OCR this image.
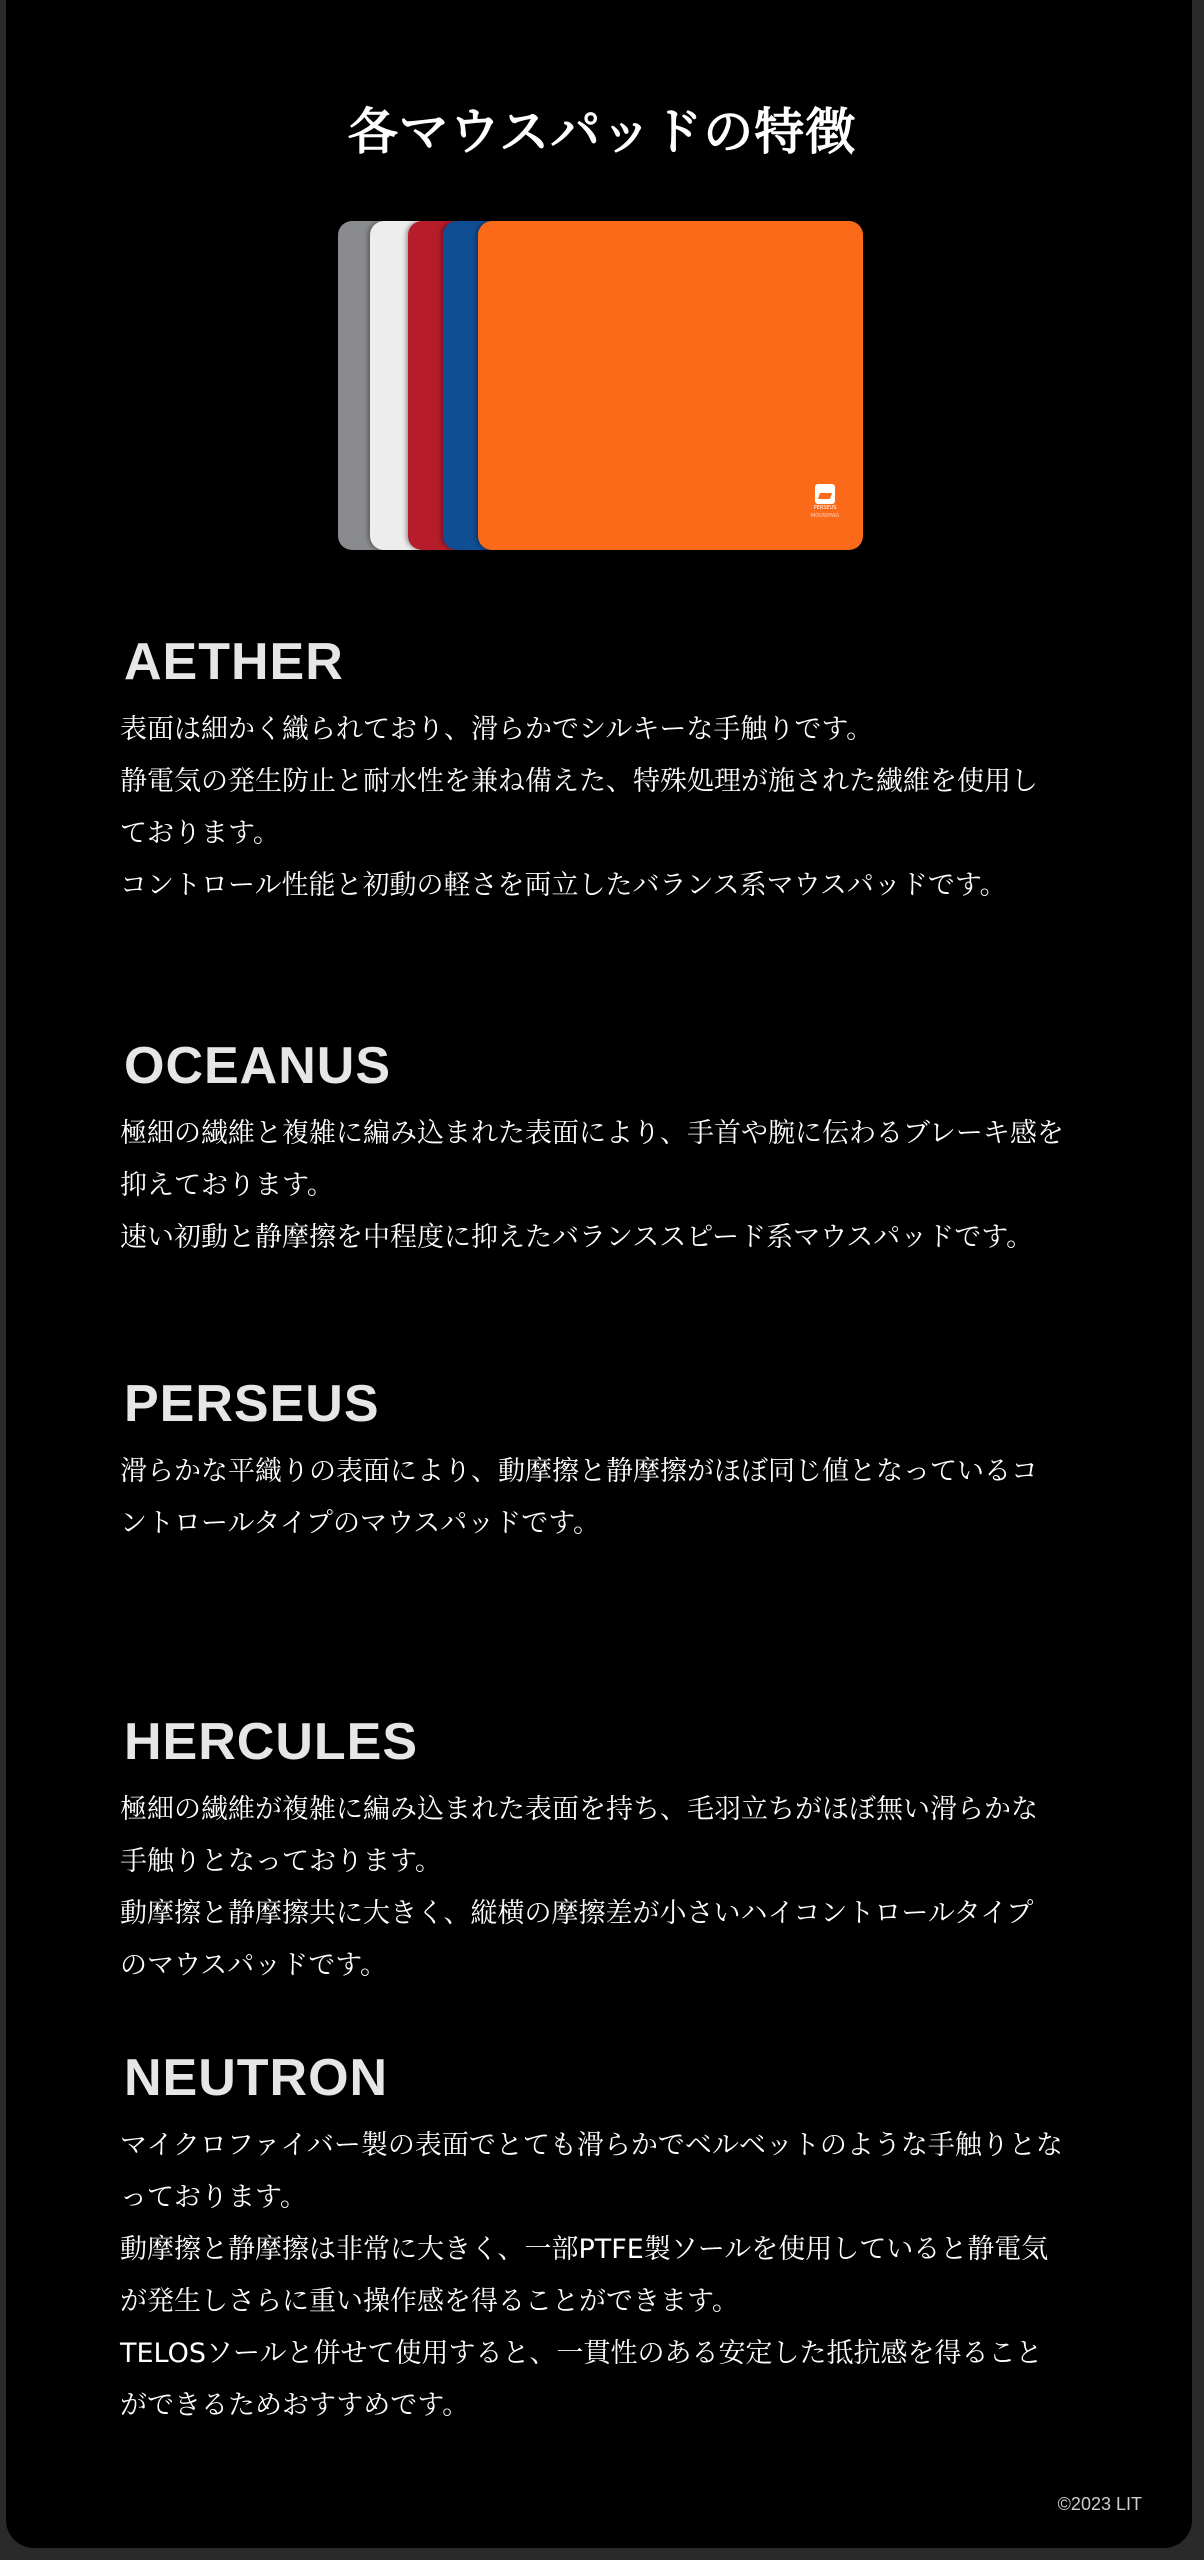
各マウスパッドの特徴
PERSEUS
MOUSEPAD
AETHER

表面は細かく織られており、滑らかでシルキーな手触りです。

静電気の発生防止と耐水性を兼ね備えた、特殊処理が施された繊維を使用し

ております。

コントロール性能と初動の軽さを両立したバランス系マウスパッドです。

OCEANUS

極細の繊維と複雑に編み込まれた表面により、手首や腕に伝わるブレーキ感を

抑えております。

速い初動と静摩擦を中程度に抑えたバランススピード系マウスパッドです。

PERSEUS

滑らかな平織りの表面により、動摩擦と静摩擦がほぼ同じ値となっているコ

ントロールタイプのマウスパッドです。

HERCULES

極細の繊維が複雑に編み込まれた表面を持ち、毛羽立ちがほぼ無い滑らかな

手触りとなっております。

動摩擦と静摩擦共に大きく、縦横の摩擦差が小さいハイコントロールタイプ

のマウスパッドです。

NEUTRON

マイクロファイバー製の表面でとても滑らかでベルベットのような手触りとな

っております。

動摩擦と静摩擦は非常に大きく、一部PTFE製ソールを使用していると静電気

が発生しさらに重い操作感を得ることができます。

TELOSソールと併せて使用すると、一貫性のある安定した抵抗感を得ること

ができるためおすすめです。

©2023 LIT
